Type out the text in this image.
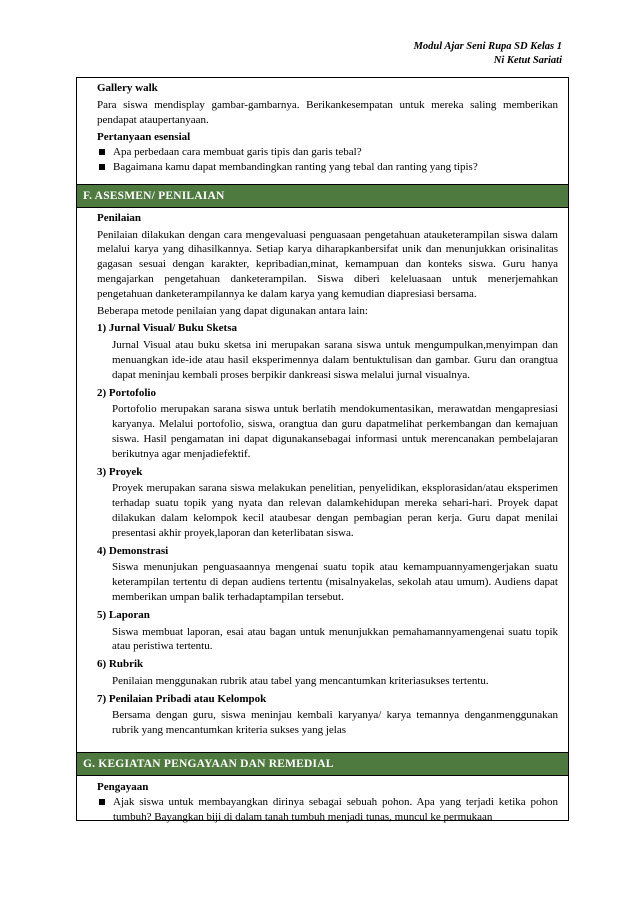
Modul Ajar Seni Rupa SD Kelas 1
Ni Ketut Sariati
Gallery walk
Para siswa mendisplay gambar-gambarnya. Berikankesempatan untuk mereka saling memberikan pendapat ataupertanyaan.
Pertanyaan esensial
Apa perbedaan cara membuat garis tipis dan garis tebal?
Bagaimana kamu dapat membandingkan ranting yang tebal dan ranting yang tipis?
F. ASESMEN/ PENILAIAN
Penilaian
Penilaian dilakukan dengan cara mengevaluasi penguasaan pengetahuan atauketerampilan siswa dalam melalui karya yang dihasilkannya. Setiap karya diharapkanbersifat unik dan menunjukkan orisinalitas gagasan sesuai dengan karakter, kepribadian,minat, kemampuan dan konteks siswa. Guru hanya mengajarkan pengetahuan danketerampilan. Siswa diberi keleluasaan untuk menerjemahkan pengetahuan danketerampilannya ke dalam karya yang kemudian diapresiasi bersama.
Beberapa metode penilaian yang dapat digunakan antara lain:
1) Jurnal Visual/ Buku Sketsa
Jurnal Visual atau buku sketsa ini merupakan sarana siswa untuk mengumpulkan,menyimpan dan menuangkan ide-ide atau hasil eksperimennya dalam bentuktulisan dan gambar. Guru dan orangtua dapat meninjau kembali proses berpikir dankreasi siswa melalui jurnal visualnya.
2) Portofolio
Portofolio merupakan sarana siswa untuk berlatih mendokumentasikan, merawatdan mengapresiasi karyanya. Melalui portofolio, siswa, orangtua dan guru dapatmelihat perkembangan dan kemajuan siswa. Hasil pengamatan ini dapat digunakansebagai informasi untuk merencanakan pembelajaran berikutnya agar menjadiefektif.
3) Proyek
Proyek merupakan sarana siswa melakukan penelitian, penyelidikan, eksplorasidan/atau eksperimen terhadap suatu topik yang nyata dan relevan dalamkehidupan mereka sehari-hari. Proyek dapat dilakukan dalam kelompok kecil ataubesar dengan pembagian peran kerja. Guru dapat menilai presentasi akhir proyek,laporan dan keterlibatan siswa.
4) Demonstrasi
Siswa menunjukan penguasaannya mengenai suatu topik atau kemampuannyamengerjakan suatu keterampilan tertentu di depan audiens tertentu (misalnyakelas, sekolah atau umum). Audiens dapat memberikan umpan balik terhadaptampilan tersebut.
5) Laporan
Siswa membuat laporan, esai atau bagan untuk menunjukkan pemahamannyamengenai suatu topik atau peristiwa tertentu.
6) Rubrik
Penilaian menggunakan rubrik atau tabel yang mencantumkan kriteriasukses tertentu.
7) Penilaian Pribadi atau Kelompok
Bersama dengan guru, siswa meninjau kembali karyanya/ karya temannya denganmenggunakan rubrik yang mencantumkan kriteria sukses yang jelas
G. KEGIATAN PENGAYAAN DAN REMEDIAL
Pengayaan
Ajak siswa untuk membayangkan dirinya sebagai sebuah pohon. Apa yang terjadi ketika pohon tumbuh? Bayangkan biji di dalam tanah tumbuh menjadi tunas, muncul ke permukaan
